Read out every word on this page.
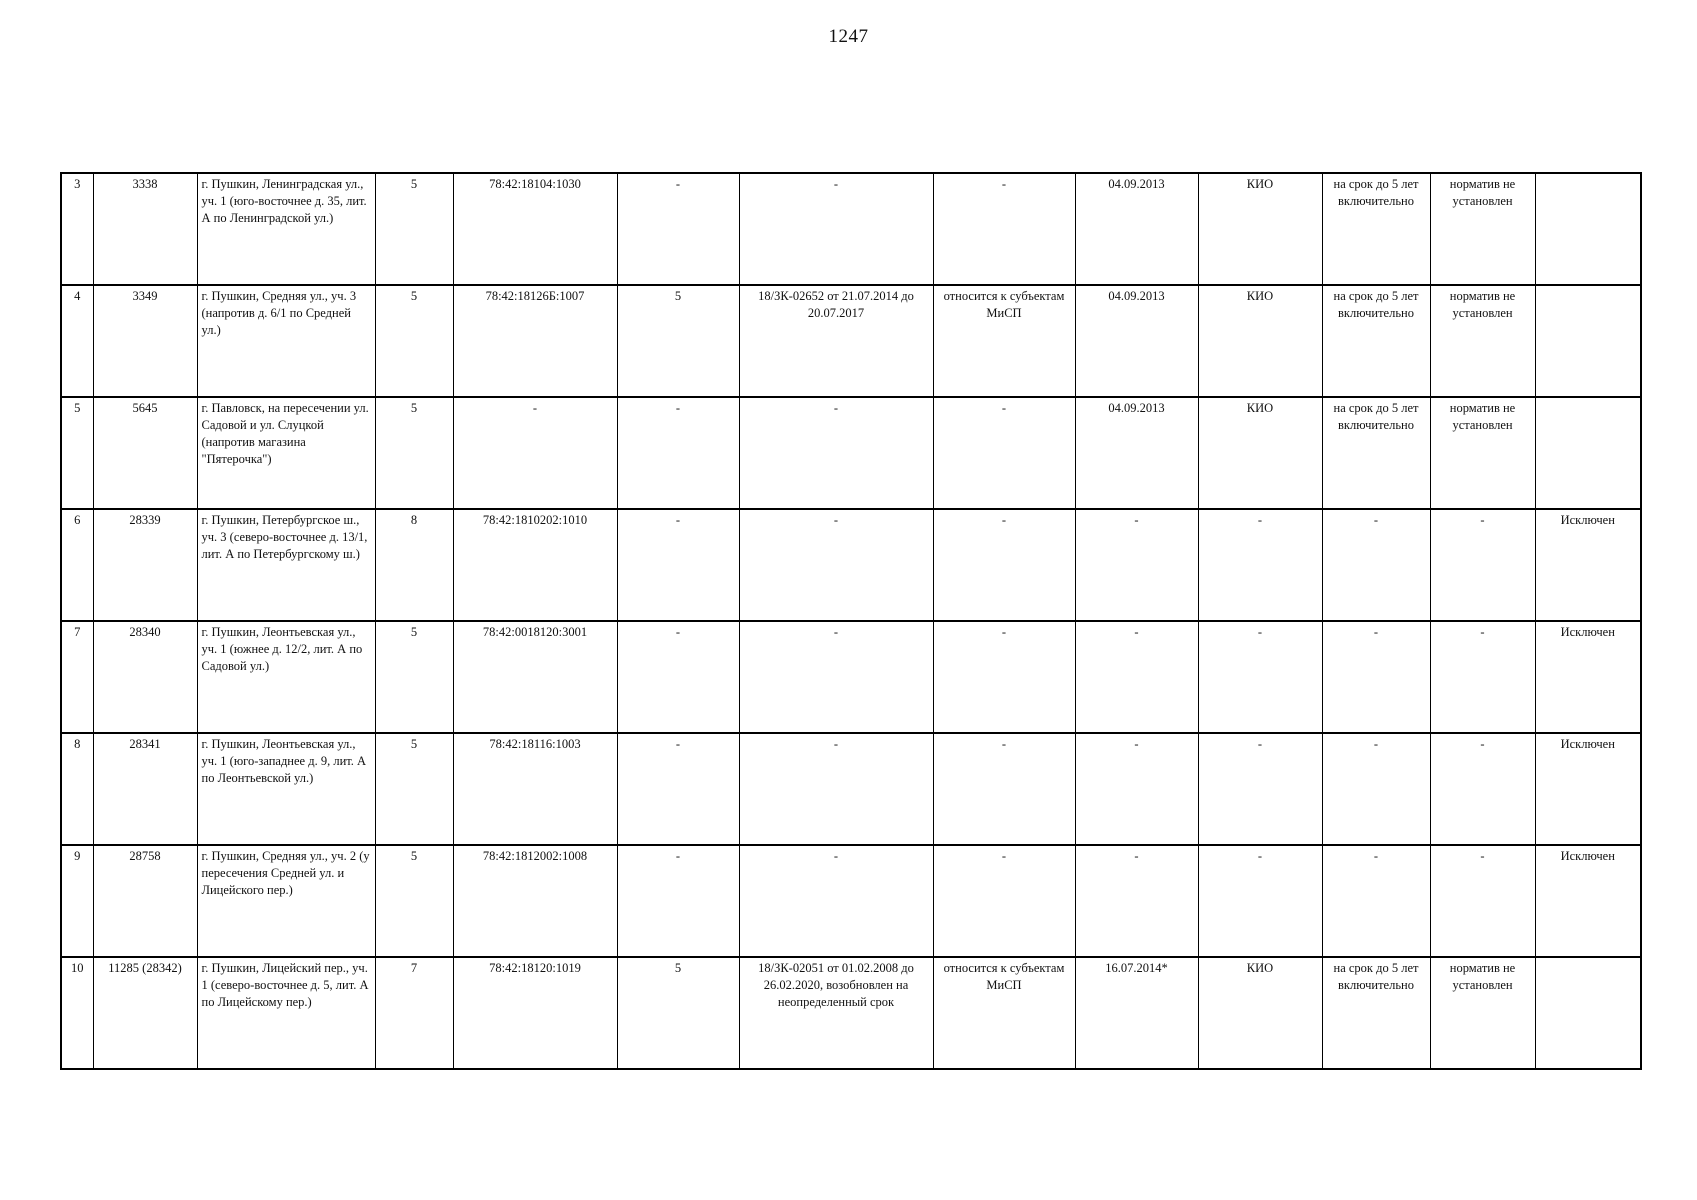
1247
3	3338	г. Пушкин, Ленинградская ул., уч. 1 (юго-восточнее д. 35, лит. А по Ленинградской ул.)	5	78:42:18104:1030	-	-	-	04.09.2013	КИО	на срок до 5 лет включительно	норматив не установлен	
4	3349	г. Пушкин, Средняя ул., уч. 3 (напротив д. 6/1 по Средней ул.)	5	78:42:18126Б:1007	5	18/ЗК-02652 от 21.07.2014 до 20.07.2017	относится к субъектам МиСП	04.09.2013	КИО	на срок до 5 лет включительно	норматив не установлен	
5	5645	г. Павловск, на пересечении ул. Садовой и ул. Слуцкой (напротив магазина "Пятерочка")	5	-	-	-	-	04.09.2013	КИО	на срок до 5 лет включительно	норматив не установлен	
6	28339	г. Пушкин, Петербургское ш., уч. 3 (северо-восточнее д. 13/1, лит. А по Петербургскому ш.)	8	78:42:1810202:1010	-	-	-	-	-	-	-	Исключен
7	28340	г. Пушкин, Леонтьевская ул., уч. 1 (южнее д. 12/2, лит. А по Садовой ул.)	5	78:42:0018120:3001	-	-	-	-	-	-	-	Исключен
8	28341	г. Пушкин, Леонтьевская ул., уч. 1 (юго-западнее д. 9, лит. А по Леонтьевской ул.)	5	78:42:18116:1003	-	-	-	-	-	-	-	Исключен
9	28758	г. Пушкин, Средняя ул., уч. 2 (у пересечения Средней ул. и Лицейского пер.)	5	78:42:1812002:1008	-	-	-	-	-	-	-	Исключен
10	11285 (28342)	г. Пушкин, Лицейский пер., уч. 1 (северо-восточнее д. 5, лит. А по Лицейскому пер.)	7	78:42:18120:1019	5	18/ЗК-02051 от 01.02.2008 до 26.02.2020, возобновлен на неопределенный срок	относится к субъектам МиСП	16.07.2014*	КИО	на срок до 5 лет включительно	норматив не установлен	
